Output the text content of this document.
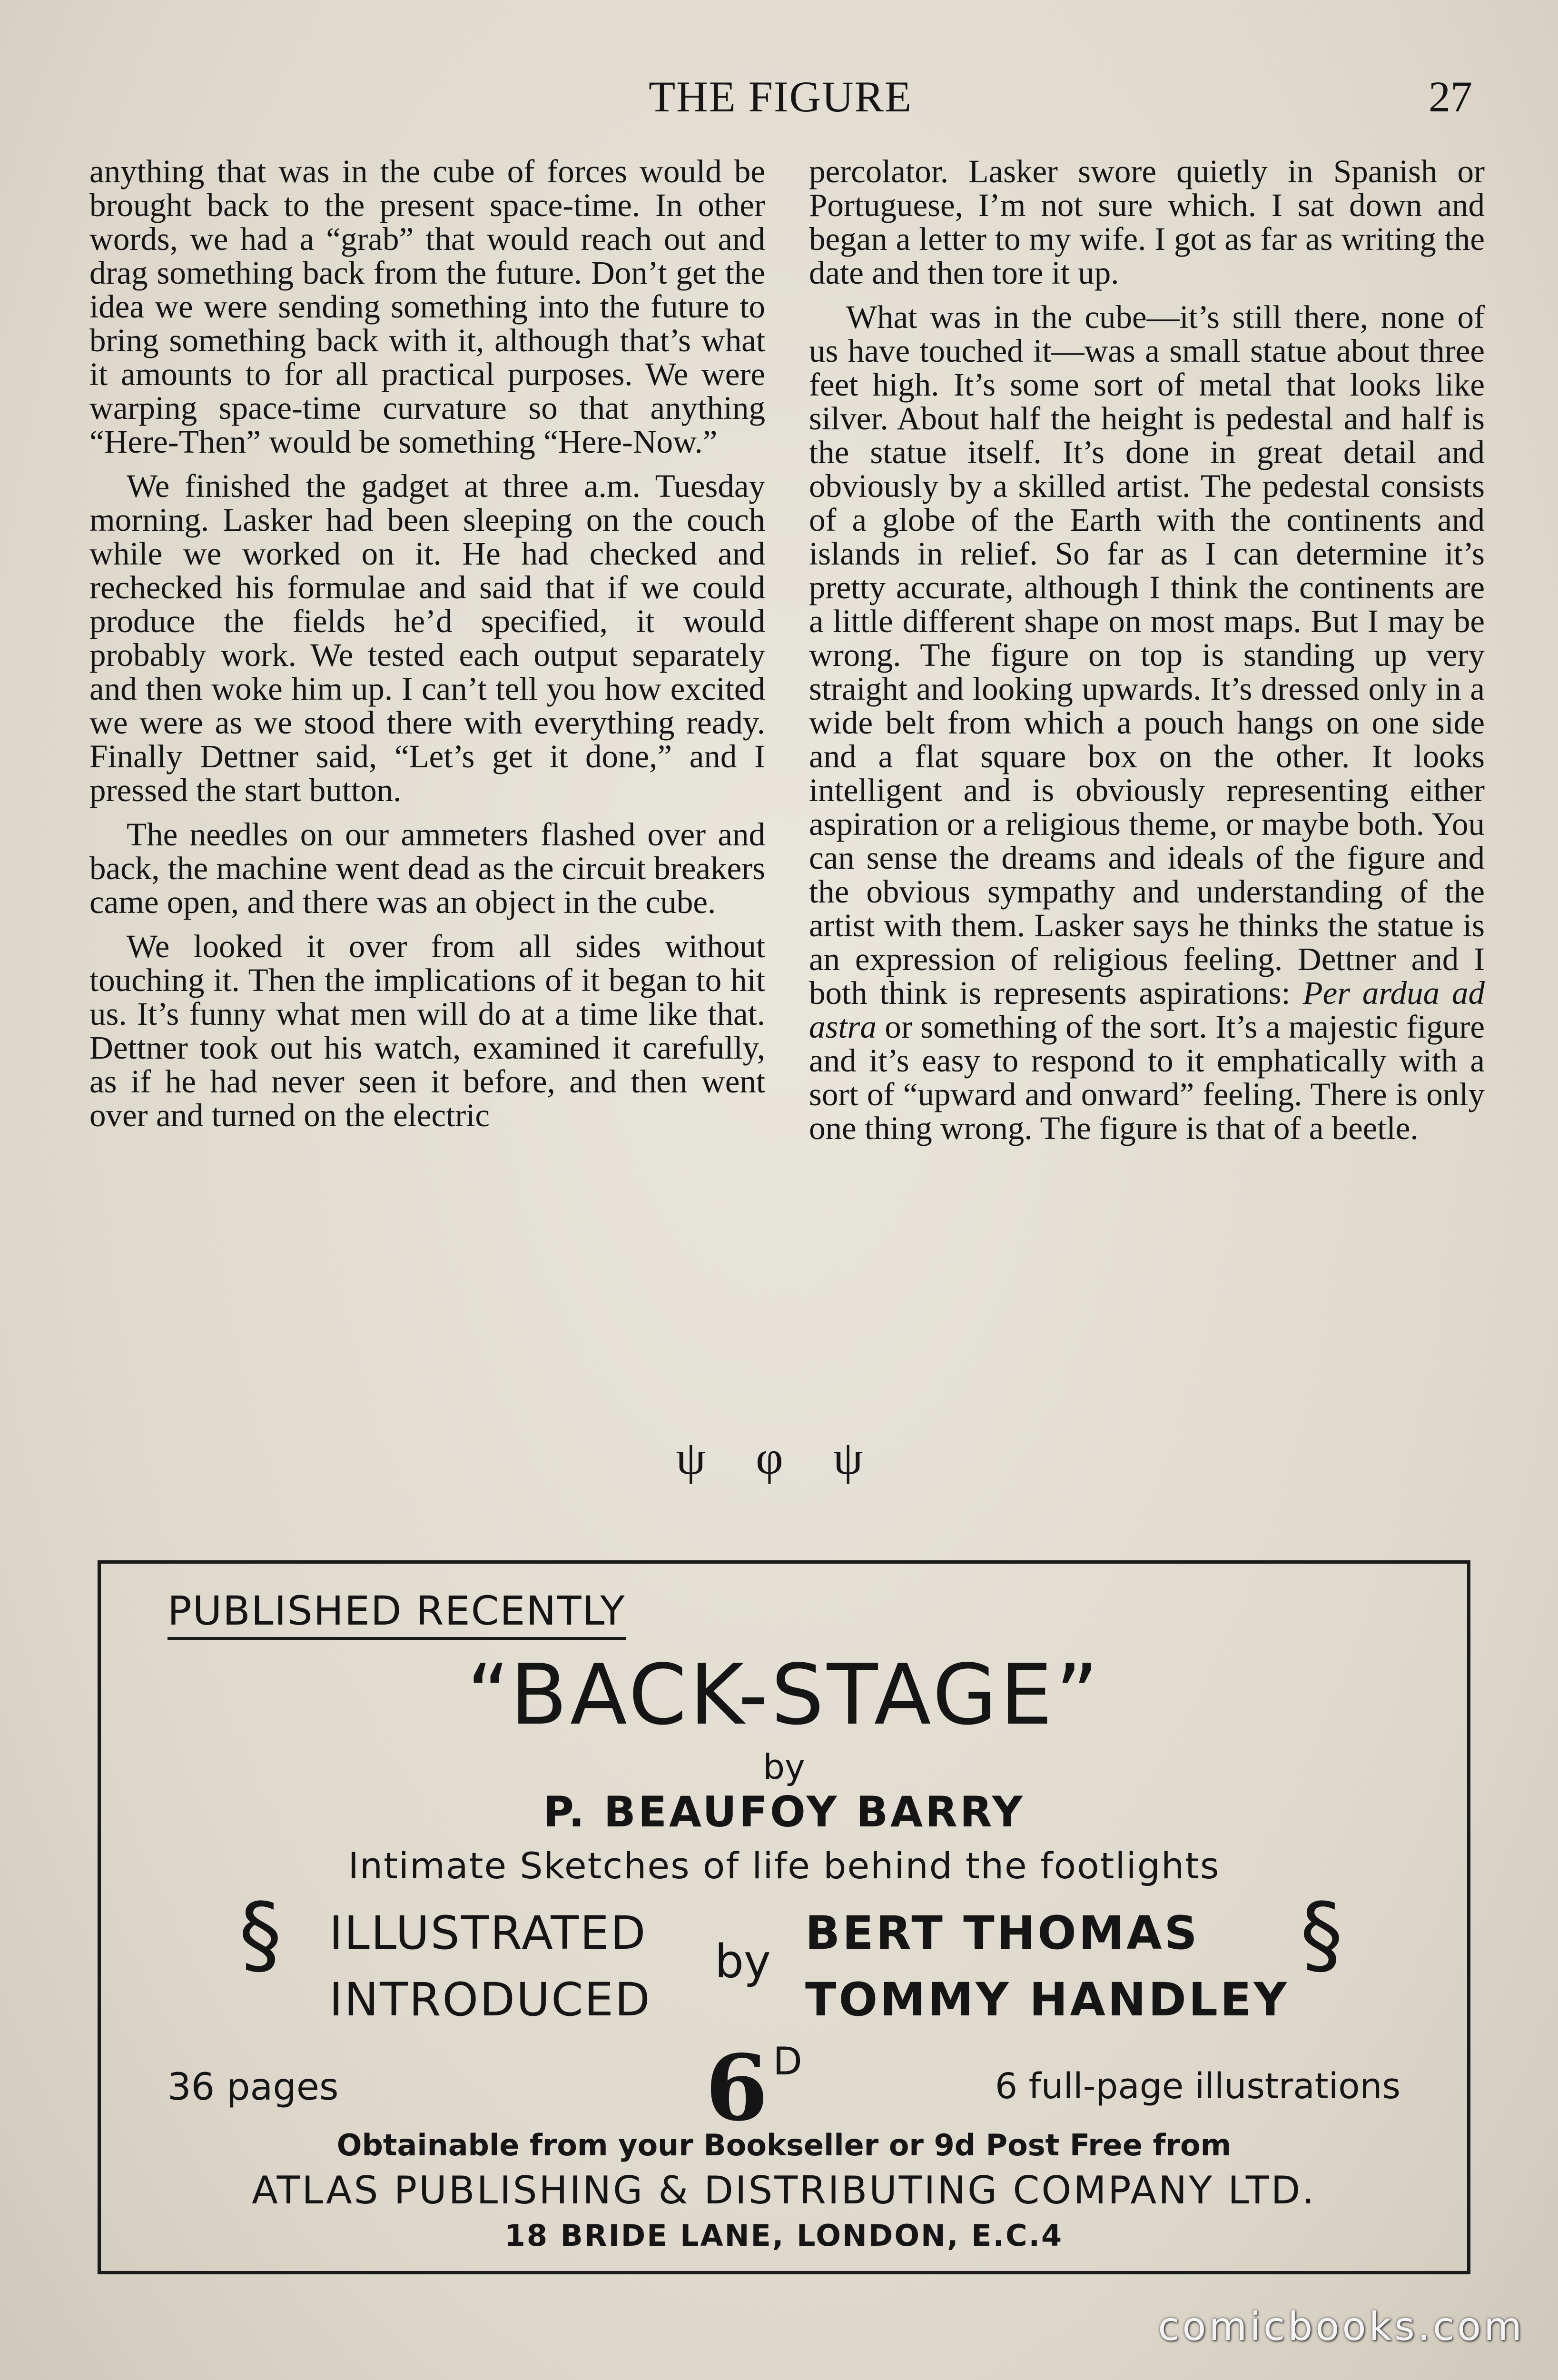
THE FIGURE	27

anything that was in the cube of forces would be brought back to the present space-time. In other words, we had a “grab” that would reach out and drag something back from the future. Don’t get the idea we were sending something into the future to bring something back with it, although that’s what it amounts to for all practical purposes. We were warping space-time curvature so that anything “Here-Then” would be something “Here-Now.”

We finished the gadget at three a.m. Tuesday morning. Lasker had been sleeping on the couch while we worked on it. He had checked and rechecked his formulae and said that if we could produce the fields he’d specified, it would probably work. We tested each output separately and then woke him up. I can’t tell you how excited we were as we stood there with everything ready. Finally Dettner said, “Let’s get it done,” and I pressed the start button.

The needles on our ammeters flashed over and back, the machine went dead as the circuit breakers came open, and there was an object in the cube.

We looked it over from all sides without touching it. Then the implications of it began to hit us. It’s funny what men will do at a time like that. Dettner took out his watch, examined it carefully, as if he had never seen it before, and then went over and turned on the electric

percolator. Lasker swore quietly in Spanish or Portuguese, I’m not sure which. I sat down and began a letter to my wife. I got as far as writing the date and then tore it up.

What was in the cube—it’s still there, none of us have touched it—was a small statue about three feet high. It’s some sort of metal that looks like silver. About half the height is pedestal and half is the statue itself. It’s done in great detail and obviously by a skilled artist. The pedestal consists of a globe of the Earth with the continents and islands in relief. So far as I can determine it’s pretty accurate, although I think the continents are a little different shape on most maps. But I may be wrong. The figure on top is standing up very straight and looking upwards. It’s dressed only in a wide belt from which a pouch hangs on one side and a flat square box on the other. It looks intelligent and is obviously representing either aspiration or a religious theme, or maybe both. You can sense the dreams and ideals of the figure and the obvious sympathy and understanding of the artist with them. Lasker says he thinks the statue is an expression of religious feeling. Dettner and I both think is represents aspirations: Per ardua ad astra or something of the sort. It’s a majestic figure and it’s easy to respond to it emphatically with a sort of “upward and onward” feeling. There is only one thing wrong. The figure is that of a beetle.

ψ φ ψ
PUBLISHED RECENTLY
“BACK-STAGE”
by
P. BEAUFOY BARRY
Intimate Sketches of life behind the footlights
§ ILLUSTRATED
INTRODUCED
by
BERT THOMAS
TOMMY HANDLEY
§
36 pages	6 $^D$
6 full-page illustrations
Obtainable from your Bookseller or 9d Post Free from
ATLAS PUBLISHING & DISTRIBUTING COMPANY LTD.
18 BRIDE LANE, LONDON, E.C.4
comicbooks.com
